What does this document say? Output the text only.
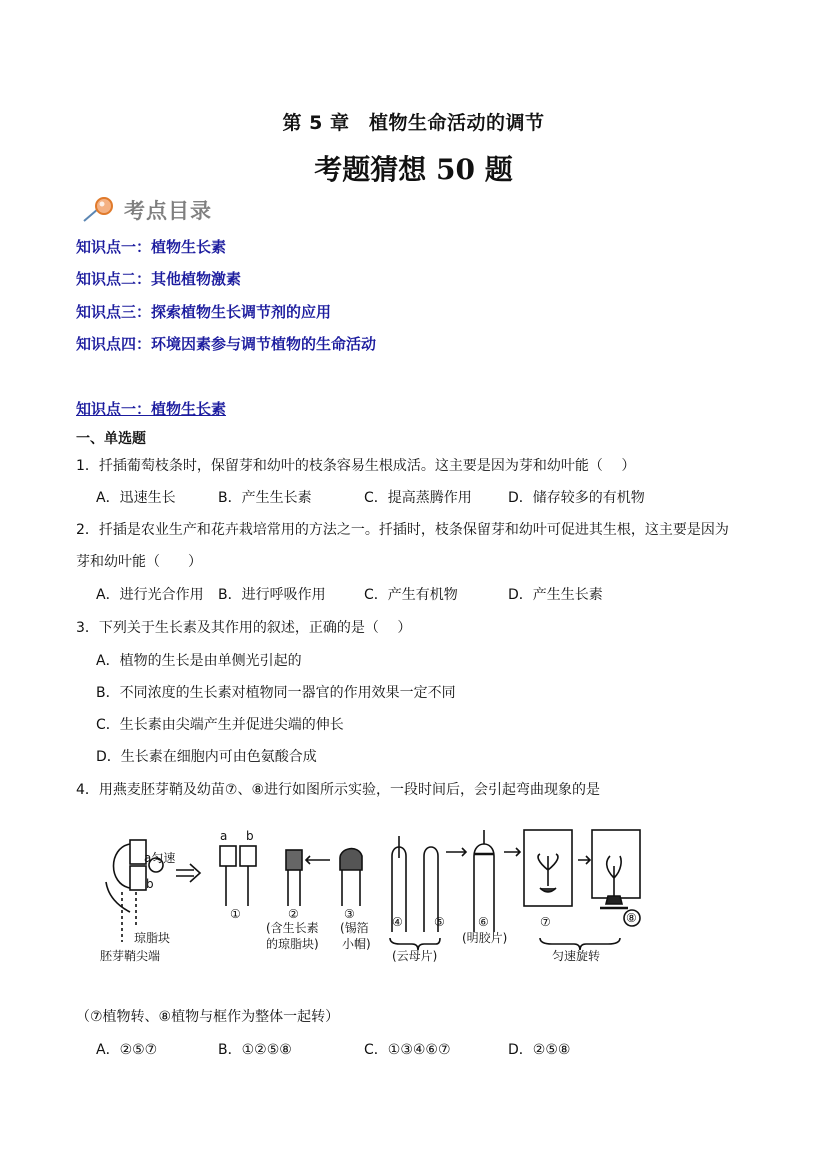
第 5 章　植物生命活动的调节
考题猜想 50 题
考点目录
知识点一：植物生长素
知识点二：其他植物激素
知识点三：探索植物生长调节剂的应用
知识点四：环境因素参与调节植物的生命活动
知识点一：植物生长素
一、单选题
1．扦插葡萄枝条时，保留芽和幼叶的枝条容易生根成活。这主要是因为芽和幼叶能（　 ）
A．迅速生长	B．产生生长素	C．提高蒸腾作用	D．储存较多的有机物
2．扦插是农业生产和花卉栽培常用的方法之一。扦插时，枝条保留芽和幼叶可促进其生根，这主要是因为
芽和幼叶能（　　）
A．进行光合作用 B．进行呼吸作用	C．产生有机物	D．产生生长素
3．下列关于生长素及其作用的叙述，正确的是（　 ）
A．植物的生长是由单侧光引起的
B．不同浓度的生长素对植物同一器官的作用效果一定不同
C．生长素由尖端产生并促进尖端的伸长
D．生长素在细胞内可由色氨酸合成
4．用燕麦胚芽鞘及幼苗⑦、⑧进行如图所示实验，一段时间后，会引起弯曲现象的是
a b
a匀速
b
琼脂块
胚芽鞘尖端
①	②	③
(含生长素
的琼脂块)
(锡箔
小帽)
④	⑤	⑥	⑦	⑧
(云母片)
(明胶片)
匀速旋转
（⑦植物转、⑧植物与框作为整体一起转）
A．②⑤⑦	B．①②⑤⑧	C．①③④⑥⑦	D．②⑤⑧
